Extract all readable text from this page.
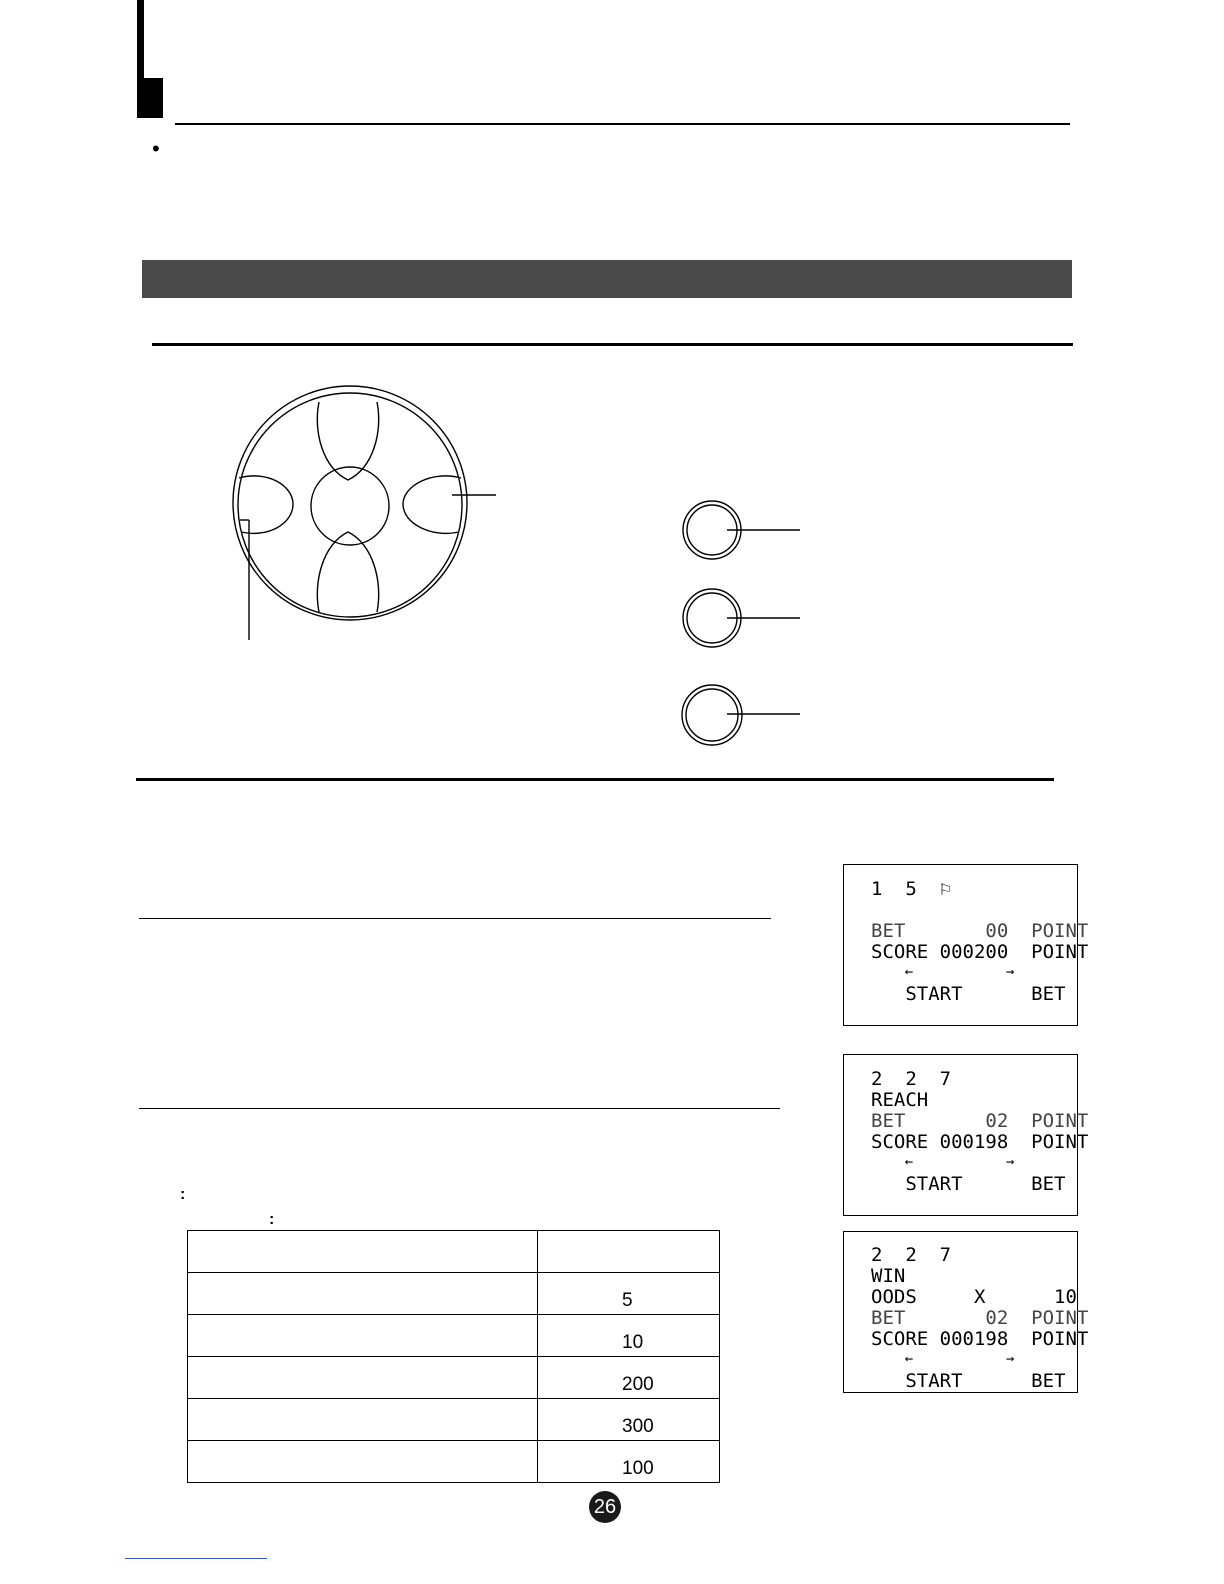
•
:
:

	5
	10
	200
	300
	100
1  5  ⚐
BET       00  POINT
SCORE 000200  POINT
←           →
START      BET
2  2  7
REACH
BET       02  POINT
SCORE 000198  POINT
←           →
START      BET
2  2  7
WIN
OODS     X      10
BET       02  POINT
SCORE 000198  POINT
←           →
START      BET
26
